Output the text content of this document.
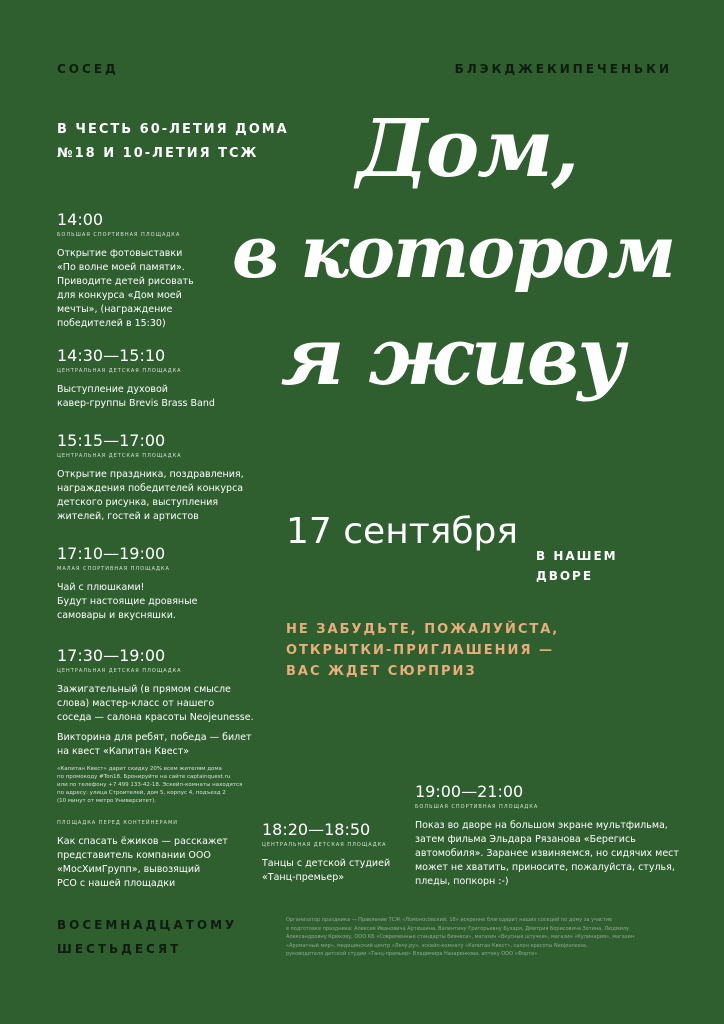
СОСЕД	БЛЭКДЖЕКИПЕЧЕНЬКИ
В ЧЕСТЬ 60-ЛЕТИЯ ДОМА
№18 И 10-ЛЕТИЯ ТСЖ	Дом,
в котором
я живу
17 сентября
В НАШЕМ
ДВОРЕ
НЕ ЗАБУДЬТЕ, ПОЖАЛУЙСТА,
ОТКРЫТКИ-ПРИГЛАШЕНИЯ —
ВАС ЖДЕТ СЮРПРИЗ
14:00
БОЛЬШАЯ СПОРТИВНАЯ ПЛОЩАДКА
Открытие фотовыставки
«По волне моей памяти».
Приводите детей рисовать
для конкурса «Дом моей
мечты», (награждение
победителей в 15:30)
14:30—15:10
ЦЕНТРАЛЬНАЯ ДЕТСКАЯ ПЛОЩАДКА
Выступление духовой
кавер-группы Brevis Brass Band
15:15—17:00
ЦЕНТРАЛЬНАЯ ДЕТСКАЯ ПЛОЩАДКА
Открытие праздника, поздравления,
награждения победителей конкурса
детского рисунка, выступления
жителей, гостей и артистов
17:10—19:00
МАЛАЯ СПОРТИВНАЯ ПЛОЩАДКА
Чай с плюшками!
Будут настоящие дровяные
самовары и вкусняшки.
17:30—19:00
ЦЕНТРАЛЬНАЯ ДЕТСКАЯ ПЛОЩАДКА
Зажигательный (в прямом смысле
слова) мастер-класс от нашего
соседа — салона красоты Neojeunesse.
Викторина для ребят, победа — билет
на квест «Капитан Квест»
«Капитан Квест» дарит скидку 20% всем жителям дома
по промокоду #Ton18. Бронируйте на сайте captainquest.ru
или по телефону +7 499 133-42-18. Эскейп-комнаты находятся
по адресу: улица Строителей, дом 5, корпус 4, подъезд 2
(10 минут от метро Университет).
ПЛОЩАДКА ПЕРЕД КОНТЕЙНЕРАМИ
Как спасать ёжиков — расскажет
представитель компании ООО
«МосХимГрупп», вывозящий
РСО с нашей площадки
18:20—18:50
ЦЕНТРАЛЬНАЯ ДЕТСКАЯ ПЛОЩАДКА
Танцы с детской студией
«Танц-премьер»
19:00—21:00
БОЛЬШАЯ СПОРТИВНАЯ ПЛОЩАДКА
Показ во дворе на большом экране мультфильма,
затем фильма Эльдара Рязанова «Берегись
автомобиля». Заранее извиняемся, но сидячих мест
может не хватить, приносите, пожалуйста, стулья,
пледы, попкорн :-)
ВОСЕМНАДЦАТОМУ
ШЕСТЬДЕСЯТ
Организатор праздника — Правление ТСЖ «Ломоносовский, 18» искренне благодарит наших соседей по дому за участие
в подготовке праздника: Алексея Ивановича Артюшина, Валентину Григорьевну Бухаря, Дмитрия Борисовича Зотина, Людмилу
Александровну Крюкову, ООО КБ «Современные стандарты бизнеса», магазин «Вкусные штучки», магазин «Кулинария», магазин
«Ароматный мир», медицинский центр «Лечу.ру», эскейп-комнату «Капитан Квест», салон красоты Neojeunesse,
руководителя детской студии «Танц-премьер» Владимира Назаренкова, аптеку ООО «Форте»
